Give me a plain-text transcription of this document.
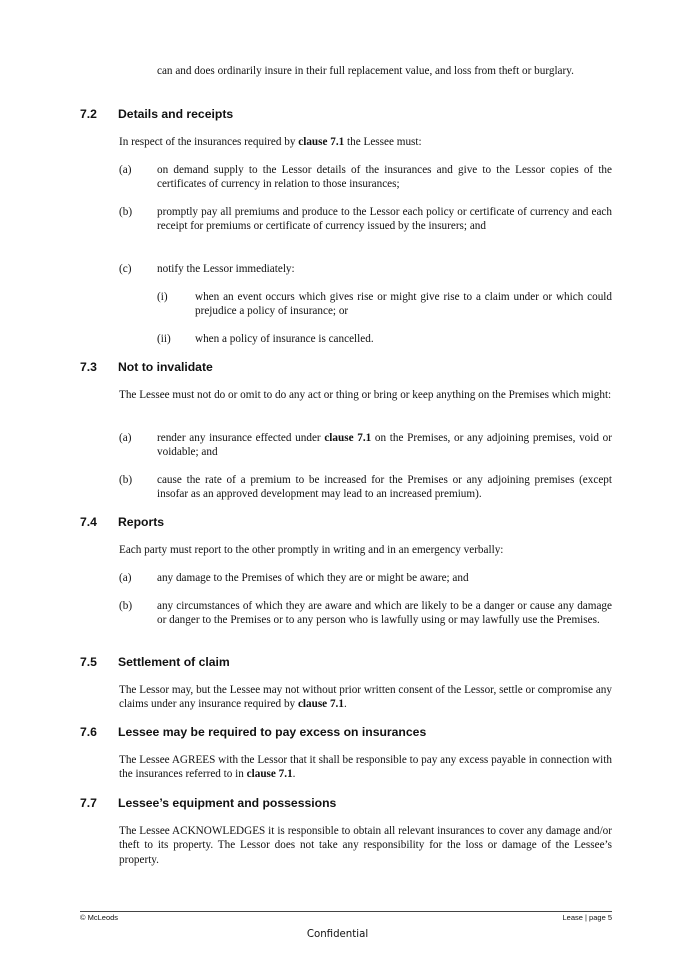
can and does ordinarily insure in their full replacement value, and loss from theft or burglary.
7.2	Details and receipts
In respect of the insurances required by clause 7.1 the Lessee must:
(a) on demand supply to the Lessor details of the insurances and give to the Lessor copies of the certificates of currency in relation to those insurances;
(b) promptly pay all premiums and produce to the Lessor each policy or certificate of currency and each receipt for premiums or certificate of currency issued by the insurers; and
(c) notify the Lessor immediately:
(i) when an event occurs which gives rise or might give rise to a claim under or which could prejudice a policy of insurance; or
(ii) when a policy of insurance is cancelled.
7.3	Not to invalidate
The Lessee must not do or omit to do any act or thing or bring or keep anything on the Premises which might:
(a) render any insurance effected under clause 7.1 on the Premises, or any adjoining premises, void or voidable; and
(b) cause the rate of a premium to be increased for the Premises or any adjoining premises (except insofar as an approved development may lead to an increased premium).
7.4	Reports
Each party must report to the other promptly in writing and in an emergency verbally:
(a) any damage to the Premises of which they are or might be aware; and
(b) any circumstances of which they are aware and which are likely to be a danger or cause any damage or danger to the Premises or to any person who is lawfully using or may lawfully use the Premises.
7.5	Settlement of claim
The Lessor may, but the Lessee may not without prior written consent of the Lessor, settle or compromise any claims under any insurance required by clause 7.1.
7.6	Lessee may be required to pay excess on insurances
The Lessee AGREES with the Lessor that it shall be responsible to pay any excess payable in connection with the insurances referred to in clause 7.1.
7.7	Lessee’s equipment and possessions
The Lessee ACKNOWLEDGES it is responsible to obtain all relevant insurances to cover any damage and/or theft to its property. The Lessor does not take any responsibility for the loss or damage of the Lessee’s property.
© McLeods	Lease | page 5
Confidential
